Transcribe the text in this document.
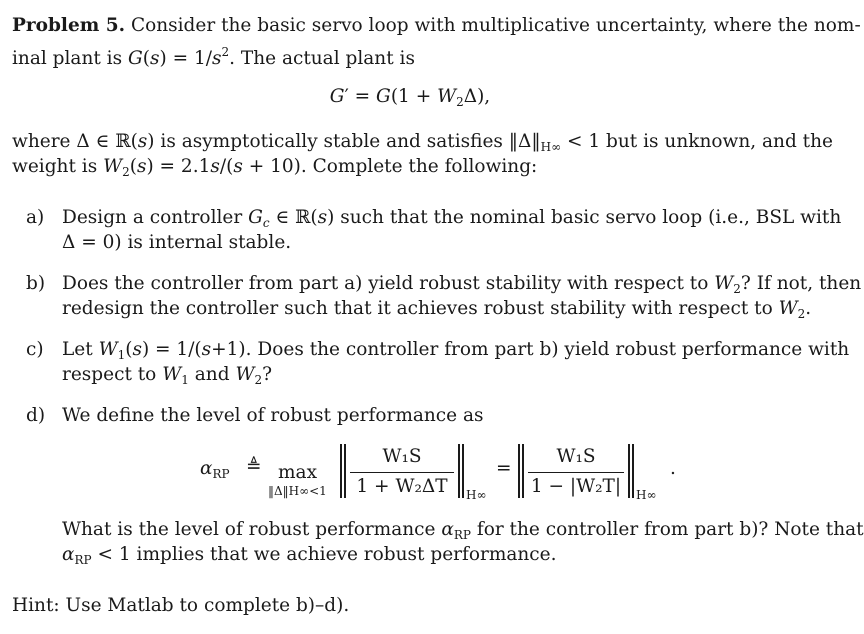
Problem 5. Consider the basic servo loop with multiplicative uncertainty, where the nom-
inal plant is $G(s) = 1/s^2$. The actual plant is
$G' = G(1 + W_2\Delta)$,
where Δ ∈ ℝ(s) is asymptotically stable and satisfies $‖\Delta‖_{H\infty} < 1$ but is unknown, and the
weight is $W_2(s) = 2.1s/(s + 10)$. Complete the following:
a) Design a controller $G_c$ ∈ ℝ(s) such that the nominal basic servo loop (i.e., BSL with
Δ = 0) is internal stable.
b) Does the controller from part a) yield robust stability with respect to $W_2$? If not, then
redesign the controller such that it achieves robust stability with respect to $W_2$.
c) Let $W_1(s) = 1/(s+1)$. Does the controller from part b) yield robust performance with
respect to $W_1$ and $W_2$?
d) We define the level of robust performance as
$\alpha_{RP}$ ≜ max
‖Δ‖H∞<1
W₁S
1 + W₂ΔT	H∞
=
W₁S
1 − |W₂T| H∞
.
What is the level of robust performance $\alpha_{RP}$ for the controller from part b)? Note that
$\alpha_{RP} < 1$ implies that we achieve robust performance.
Hint: Use Matlab to complete b)–d).
